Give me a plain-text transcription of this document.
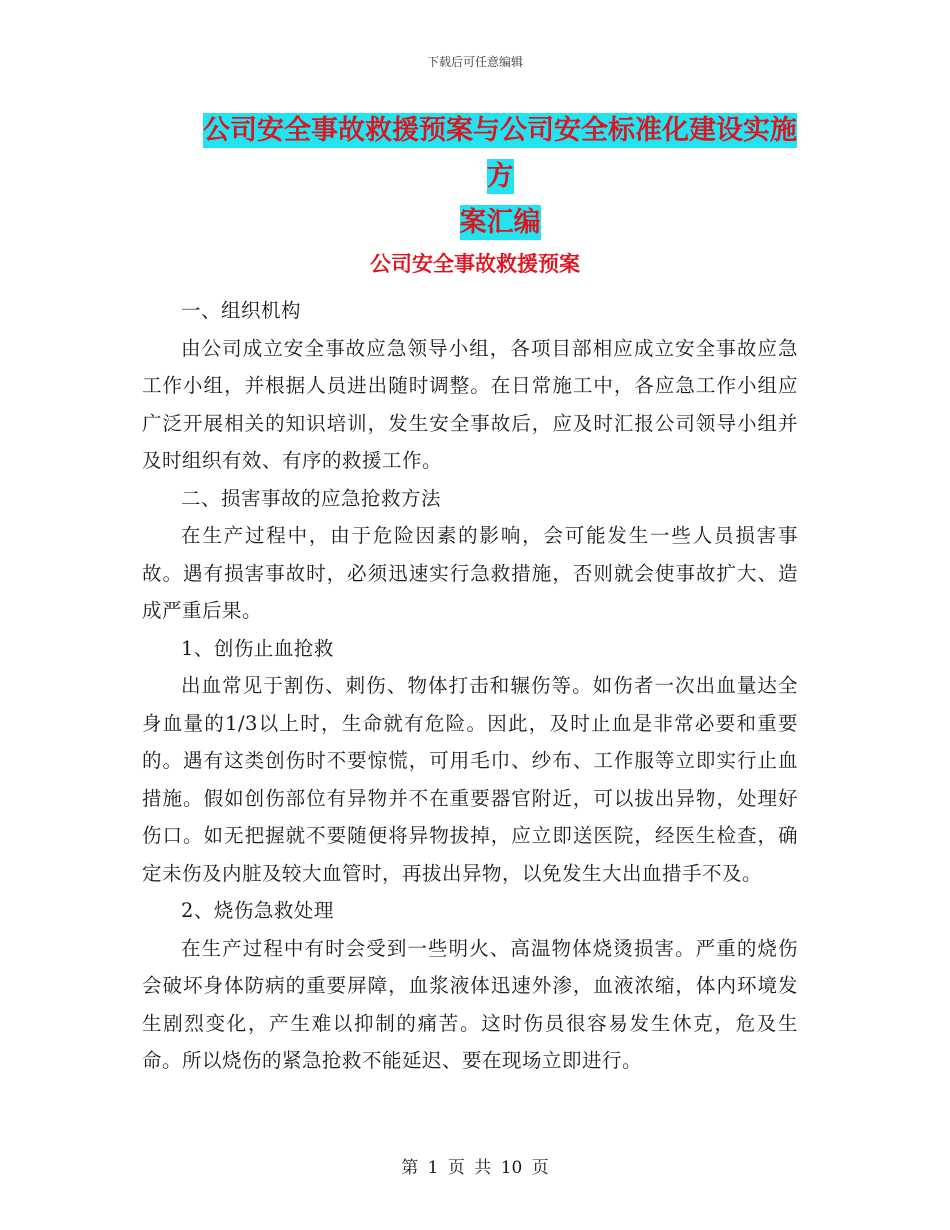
下载后可任意编辑
公司安全事故救援预案与公司安全标准化建设实施方
案汇编
公司安全事故救援预案

一、组织机构

由公司成立安全事故应急领导小组，各项目部相应成立安全事故应急工作小组，并根据人员进出随时调整。在日常施工中，各应急工作小组应广泛开展相关的知识培训，发生安全事故后，应及时汇报公司领导小组并及时组织有效、有序的救援工作。

二、损害事故的应急抢救方法

在生产过程中，由于危险因素的影响，会可能发生一些人员损害事故。遇有损害事故时，必须迅速实行急救措施，否则就会使事故扩大、造成严重后果。

1、创伤止血抢救

出血常见于割伤、刺伤、物体打击和辗伤等。如伤者一次出血量达全身血量的1/3以上时，生命就有危险。因此，及时止血是非常必要和重要的。遇有这类创伤时不要惊慌，可用毛巾、纱布、工作服等立即实行止血措施。假如创伤部位有异物并不在重要器官附近，可以拔出异物，处理好伤口。如无把握就不要随便将异物拔掉，应立即送医院，经医生检查，确定未伤及内脏及较大血管时，再拔出异物，以免发生大出血措手不及。

2、烧伤急救处理

在生产过程中有时会受到一些明火、高温物体烧烫损害。严重的烧伤会破坏身体防病的重要屏障，血浆液体迅速外渗，血液浓缩，体内环境发生剧烈变化，产生难以抑制的痛苦。这时伤员很容易发生休克，危及生命。所以烧伤的紧急抢救不能延迟、要在现场立即进行。

第 1 页 共 10 页
